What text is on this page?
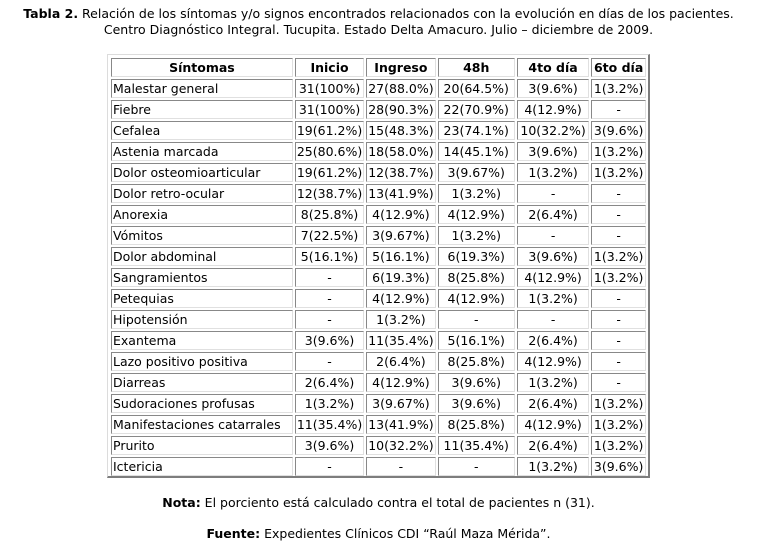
Tabla 2. Relación de los síntomas y/o signos encontrados relacionados con la evolución en días de los pacientes.
Centro Diagnóstico Integral. Tucupita. Estado Delta Amacuro. Julio – diciembre de 2009.
Síntomas	Inicio	Ingreso	48h	4to día	6to día
Malestar general	31(100%)	27(88.0%)	20(64.5%)	3(9.6%)	1(3.2%)
Fiebre	31(100%)	28(90.3%)	22(70.9%)	4(12.9%)	-
Cefalea	19(61.2%)	15(48.3%)	23(74.1%)	10(32.2%)	3(9.6%)
Astenia marcada	25(80.6%)	18(58.0%)	14(45.1%)	3(9.6%)	1(3.2%)
Dolor osteomioarticular	19(61.2%)	12(38.7%)	3(9.67%)	1(3.2%)	1(3.2%)
Dolor retro-ocular	12(38.7%)	13(41.9%)	1(3.2%)	-	-
Anorexia	8(25.8%)	4(12.9%)	4(12.9%)	2(6.4%)	-
Vómitos	7(22.5%)	3(9.67%)	1(3.2%)	-	-
Dolor abdominal	5(16.1%)	5(16.1%)	6(19.3%)	3(9.6%)	1(3.2%)
Sangramientos	-	6(19.3%)	8(25.8%)	4(12.9%)	1(3.2%)
Petequias	-	4(12.9%)	4(12.9%)	1(3.2%)	-
Hipotensión	-	1(3.2%)	-	-	-
Exantema	3(9.6%)	11(35.4%)	5(16.1%)	2(6.4%)	-
Lazo positivo positiva	-	2(6.4%)	8(25.8%)	4(12.9%)	-
Diarreas	2(6.4%)	4(12.9%)	3(9.6%)	1(3.2%)	-
Sudoraciones profusas	1(3.2%)	3(9.67%)	3(9.6%)	2(6.4%)	1(3.2%)
Manifestaciones catarrales	11(35.4%)	13(41.9%)	8(25.8%)	4(12.9%)	1(3.2%)
Prurito	3(9.6%)	10(32.2%)	11(35.4%)	2(6.4%)	1(3.2%)
Ictericia	-	-	-	1(3.2%)	3(9.6%)
Nota: El porciento está calculado contra el total de pacientes n (31).
Fuente: Expedientes Clínicos CDI “Raúl Maza Mérida”.
